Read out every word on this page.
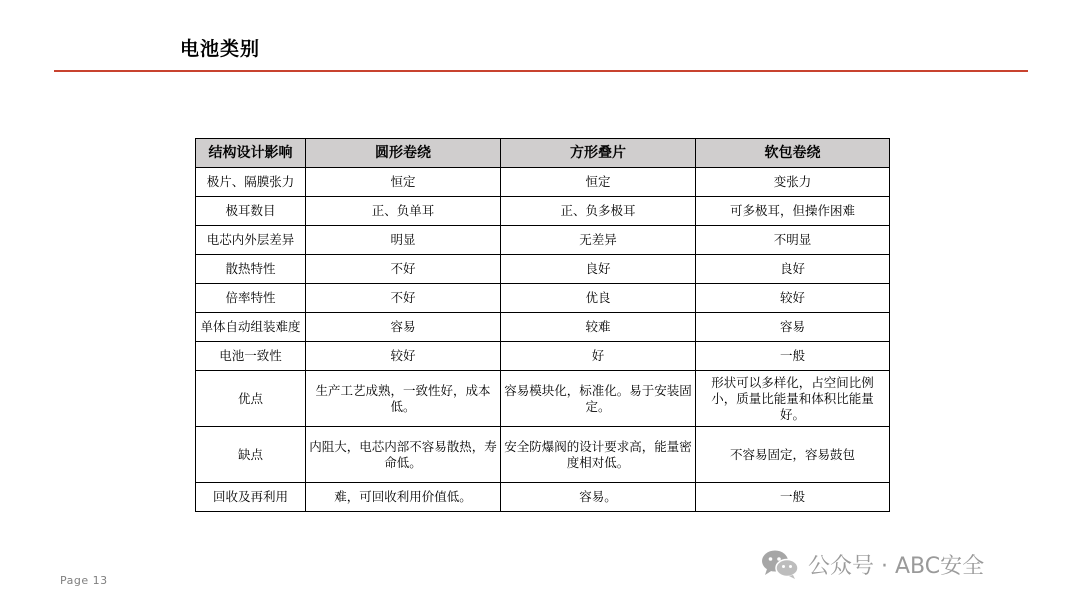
电池类别
结构设计影响	圆形卷绕	方形叠片	软包卷绕
极片、隔膜张力	恒定	恒定	变张力
极耳数目	正、负单耳	正、负多极耳	可多极耳，但操作困难
电芯内外层差异	明显	无差异	不明显
散热特性	不好	良好	良好
倍率特性	不好	优良	较好
单体自动组装难度	容易	较难	容易
电池一致性	较好	好	一般
优点	生产工艺成熟，一致性好，成本低。	容易模块化，标准化。易于安装固定。	形状可以多样化，占空间比例小，质量比能量和体积比能量好。
缺点	内阻大，电芯内部不容易散热，寿命低。	安全防爆阀的设计要求高，能量密度相对低。	不容易固定，容易鼓包
回收及再利用	难，可回收利用价值低。	容易。	一般
Page 13
公众号 · ABC安全
